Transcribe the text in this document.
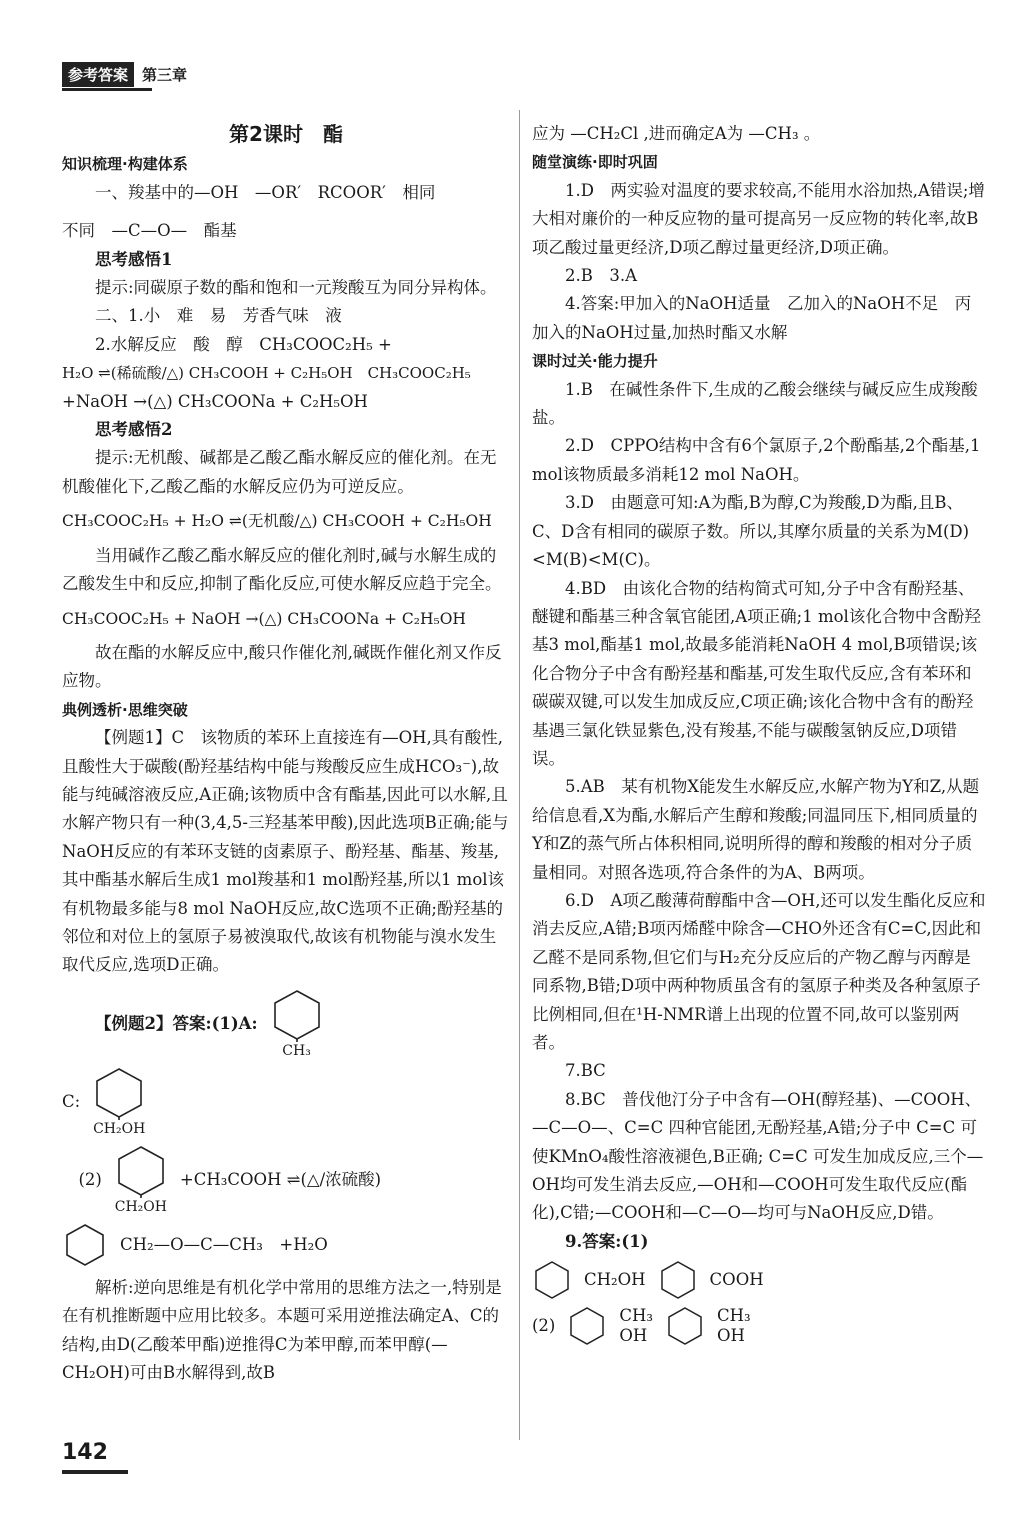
参考答案 第三章
第2课时　酯

知识梳理·构建体系

一、羧基中的—OH　—OR′　RCOOR′　相同

不同　—C—O—　酯基

思考感悟1

提示:同碳原子数的酯和饱和一元羧酸互为同分异构体。

二、1.小　难　易　芳香气味　液

2.水解反应　酸　醇　CH₃COOC₂H₅ +

H₂O ⇌(稀硫酸/△) CH₃COOH + C₂H₅OH　CH₃COOC₂H₅

+NaOH →(△) CH₃COONa + C₂H₅OH

思考感悟2

提示:无机酸、碱都是乙酸乙酯水解反应的催化剂。在无机酸催化下,乙酸乙酯的水解反应仍为可逆反应。

CH₃COOC₂H₅ + H₂O ⇌(无机酸/△) CH₃COOH + C₂H₅OH

当用碱作乙酸乙酯水解反应的催化剂时,碱与水解生成的乙酸发生中和反应,抑制了酯化反应,可使水解反应趋于完全。

CH₃COOC₂H₅ + NaOH →(△) CH₃COONa + C₂H₅OH

故在酯的水解反应中,酸只作催化剂,碱既作催化剂又作反应物。

典例透析·思维突破

【例题1】C　该物质的苯环上直接连有—OH,具有酸性,且酸性大于碳酸(酚羟基结构中能与羧酸反应生成HCO₃⁻),故能与纯碱溶液反应,A正确;该物质中含有酯基,因此可以水解,且水解产物只有一种(3,4,5-三羟基苯甲酸),因此选项B正确;能与NaOH反应的有苯环支链的卤素原子、酚羟基、酯基、羧基,其中酯基水解后生成1 mol羧基和1 mol酚羟基,所以1 mol该有机物最多能与8 mol NaOH反应,故C选项不正确;酚羟基的邻位和对位上的氢原子易被溴取代,故该有机物能与溴水发生取代反应,选项D正确。

【例题2】答案:(1)A:
CH₃
C:
CH₂OH
(2)
CH₂OH
+CH₃COOH ⇌(△/浓硫酸)
CH₂—O—C—CH₃　+H₂O

解析:逆向思维是有机化学中常用的思维方法之一,特别是在有机推断题中应用比较多。本题可采用逆推法确定A、C的结构,由D(乙酸苯甲酯)逆推得C为苯甲醇,而苯甲醇(—CH₂OH)可由B水解得到,故B

应为 —CH₂Cl ,进而确定A为 —CH₃ 。

随堂演练·即时巩固

1.D　两实验对温度的要求较高,不能用水浴加热,A错误;增大相对廉价的一种反应物的量可提高另一反应物的转化率,故B项乙酸过量更经济,D项乙醇过量更经济,D项正确。

2.B　3.A

4.答案:甲加入的NaOH适量　乙加入的NaOH不足　丙加入的NaOH过量,加热时酯又水解

课时过关·能力提升

1.B　在碱性条件下,生成的乙酸会继续与碱反应生成羧酸盐。

2.D　CPPO结构中含有6个氯原子,2个酚酯基,2个酯基,1 mol该物质最多消耗12 mol NaOH。

3.D　由题意可知:A为酯,B为醇,C为羧酸,D为酯,且B、C、D含有相同的碳原子数。所以,其摩尔质量的关系为M(D)<M(B)<M(C)。

4.BD　由该化合物的结构简式可知,分子中含有酚羟基、醚键和酯基三种含氧官能团,A项正确;1 mol该化合物中含酚羟基3 mol,酯基1 mol,故最多能消耗NaOH 4 mol,B项错误;该化合物分子中含有酚羟基和酯基,可发生取代反应,含有苯环和碳碳双键,可以发生加成反应,C项正确;该化合物中含有的酚羟基遇三氯化铁显紫色,没有羧基,不能与碳酸氢钠反应,D项错误。

5.AB　某有机物X能发生水解反应,水解产物为Y和Z,从题给信息看,X为酯,水解后产生醇和羧酸;同温同压下,相同质量的Y和Z的蒸气所占体积相同,说明所得的醇和羧酸的相对分子质量相同。对照各选项,符合条件的为A、B两项。

6.D　A项乙酸薄荷醇酯中含—OH,还可以发生酯化反应和消去反应,A错;B项丙烯醛中除含—CHO外还含有C=C,因此和乙醛不是同系物,但它们与H₂充分反应后的产物乙醇与丙醇是同系物,B错;D项中两种物质虽含有的氢原子种类及各种氢原子比例相同,但在¹H-NMR谱上出现的位置不同,故可以鉴别两者。

7.BC

8.BC　普伐他汀分子中含有—OH(醇羟基)、—COOH、—C—O—、C=C 四种官能团,无酚羟基,A错;分子中 C=C 可使KMnO₄酸性溶液褪色,B正确; C=C 可发生加成反应,三个—OH均可发生消去反应,—OH和—COOH可发生取代反应(酯化),C错;—COOH和—C—O—均可与NaOH反应,D错。

9.答案:(1)

CH₂OH	COOH
(2)
CH₃
OH
CH₃
OH
142
